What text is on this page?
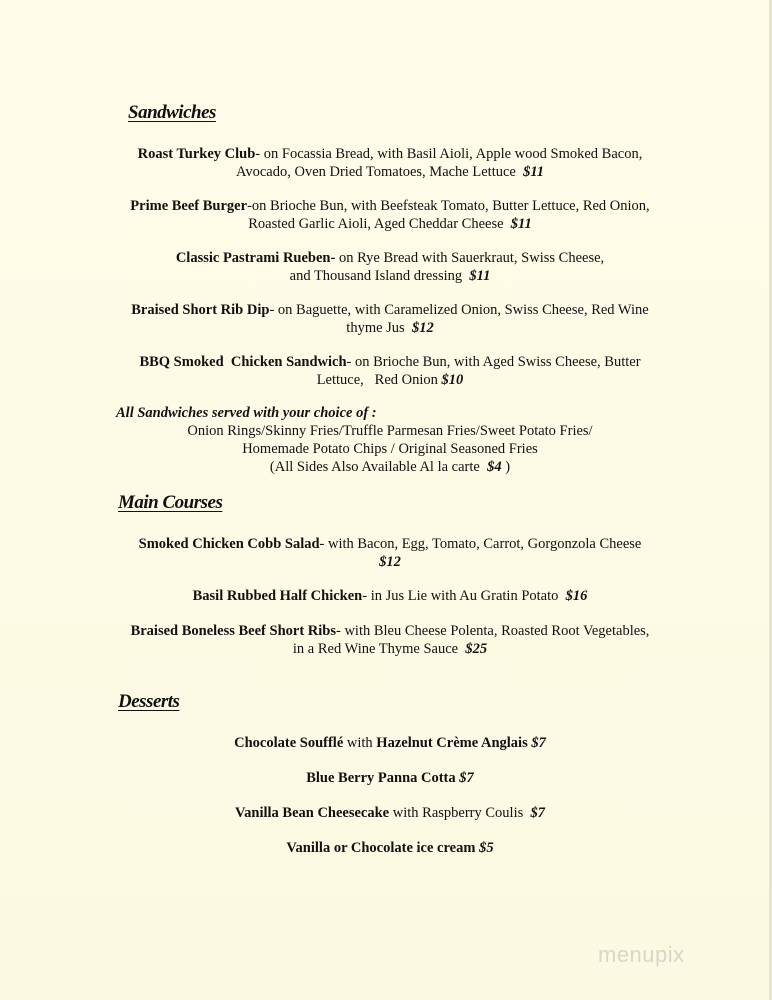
Sandwiches
Roast Turkey Club- on Focassia Bread, with Basil Aioli, Apple wood Smoked Bacon,
Avocado, Oven Dried Tomatoes, Mache Lettuce $11
Prime Beef Burger-on Brioche Bun, with Beefsteak Tomato, Butter Lettuce, Red Onion,
Roasted Garlic Aioli, Aged Cheddar Cheese $11
Classic Pastrami Rueben- on Rye Bread with Sauerkraut, Swiss Cheese,
and Thousand Island dressing $11
Braised Short Rib Dip- on Baguette, with Caramelized Onion, Swiss Cheese, Red Wine
thyme Jus $12
BBQ Smoked  Chicken Sandwich- on Brioche Bun, with Aged Swiss Cheese, Butter
Lettuce,   Red Onion $10
All Sandwiches served with your choice of :
Onion Rings/Skinny Fries/Truffle Parmesan Fries/Sweet Potato Fries/
Homemade Potato Chips / Original Seasoned Fries
(All Sides Also Available Al la carte $4 )
Main Courses
Smoked Chicken Cobb Salad- with Bacon, Egg, Tomato, Carrot, Gorgonzola Cheese
$12
Basil Rubbed Half Chicken- in Jus Lie with Au Gratin Potato $16
Braised Boneless Beef Short Ribs- with Bleu Cheese Polenta, Roasted Root Vegetables,
in a Red Wine Thyme Sauce $25
Desserts
Chocolate Soufflé with Hazelnut Crème Anglais $7
Blue Berry Panna Cotta $7
Vanilla Bean Cheesecake with Raspberry Coulis $7
Vanilla or Chocolate ice cream $5
menupix
